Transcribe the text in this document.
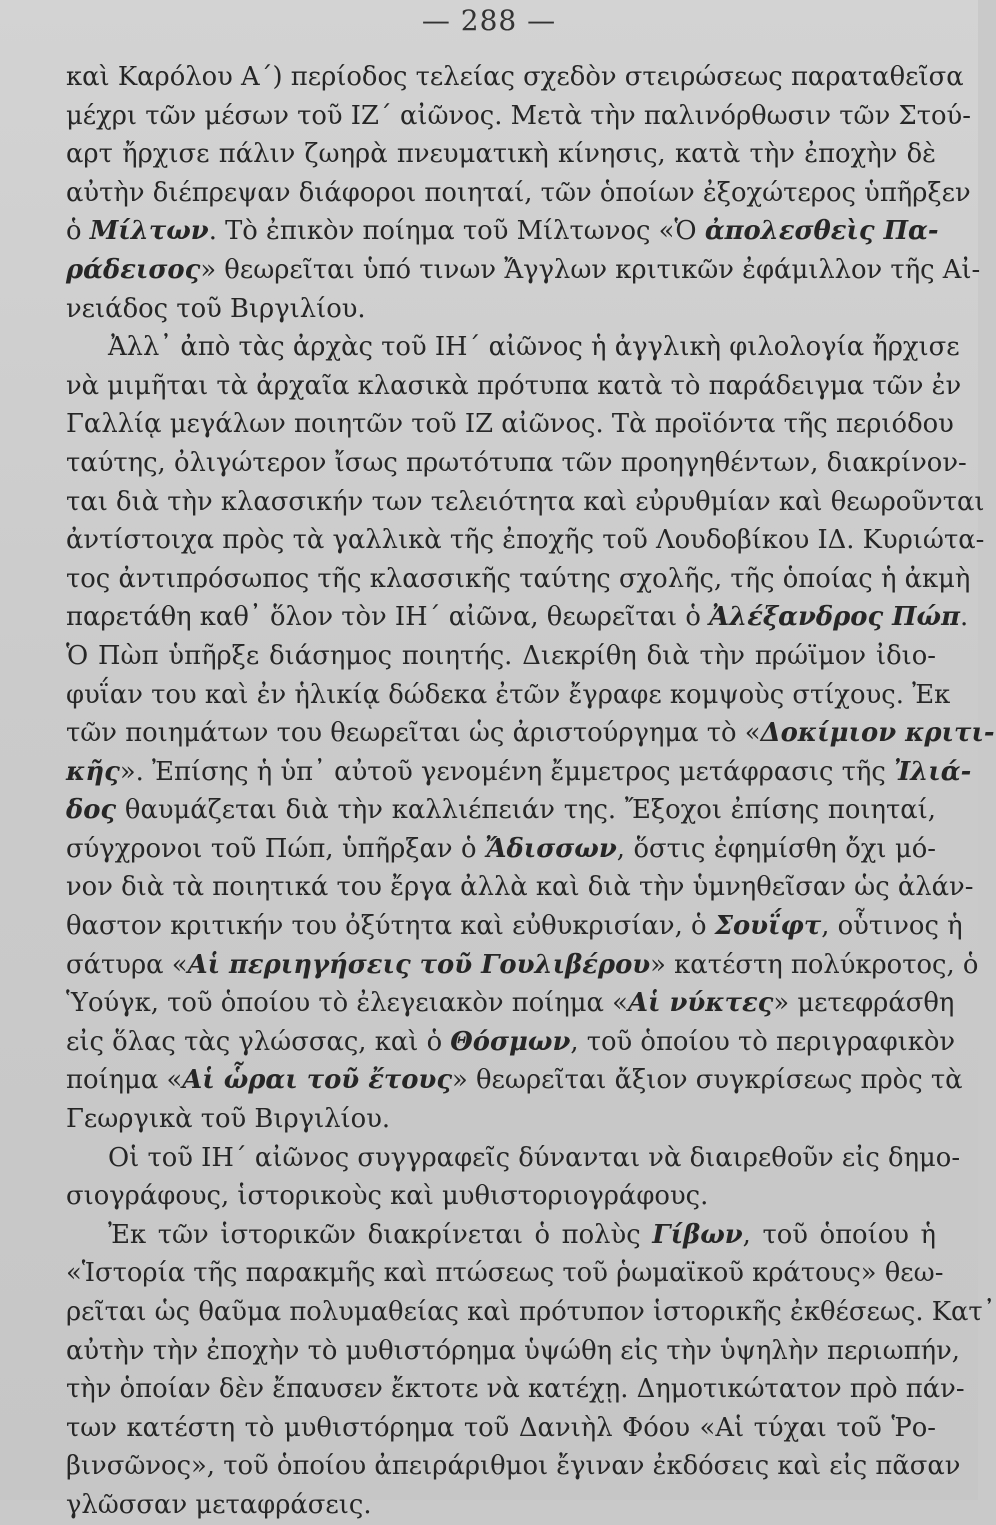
— 288 —
καὶ Καρόλου Α΄) περίοδος τελείας σχεδὸν στειρώσεως παραταθεῖσα
μέχρι τῶν μέσων τοῦ ΙΖ΄ αἰῶνος. Μετὰ τὴν παλινόρθωσιν τῶν Στού-
αρτ ἤρχισε πάλιν ζωηρὰ πνευματικὴ κίνησις, κατὰ τὴν ἐποχὴν δὲ
αὐτὴν διέπρεψαν διάφοροι ποιηταί, τῶν ὁποίων ἐξοχώτερος ὑπῆρξεν
ὁ Μίλτων. Τὸ ἐπικὸν ποίημα τοῦ Μίλτωνος «Ὁ ἀπολεσθεὶς Πα-
ράδεισος» θεωρεῖται ὑπό τινων Ἄγγλων κριτικῶν ἐφάμιλλον τῆς Αἰ-
νειάδος τοῦ Βιργιλίου.
Ἀλλ᾽ ἀπὸ τὰς ἀρχὰς τοῦ ΙΗ΄ αἰῶνος ἡ ἀγγλικὴ φιλολογία ἤρχισε
νὰ μιμῆται τὰ ἀρχαῖα κλασικὰ πρότυπα κατὰ τὸ παράδειγμα τῶν ἐν
Γαλλίᾳ μεγάλων ποιητῶν τοῦ ΙΖ αἰῶνος. Τὰ προϊόντα τῆς περιόδου
ταύτης, ὀλιγώτερον ἴσως πρωτότυπα τῶν προηγηθέντων, διακρίνον-
ται διὰ τὴν κλασσικήν των τελειότητα καὶ εὐρυθμίαν καὶ θεωροῦνται
ἀντίστοιχα πρὸς τὰ γαλλικὰ τῆς ἐποχῆς τοῦ Λουδοβίκου ΙΔ. Κυριώτα-
τος ἀντιπρόσωπος τῆς κλασσικῆς ταύτης σχολῆς, τῆς ὁποίας ἡ ἀκμὴ
παρετάθη καθ᾽ ὅλον τὸν ΙΗ΄ αἰῶνα, θεωρεῖται ὁ Ἀλέξανδρος Πώπ.
Ὁ Πὼπ ὑπῆρξε διάσημος ποιητής. Διεκρίθη διὰ τὴν πρώϊμον ἰδιο-
φυΐαν του καὶ ἐν ἡλικίᾳ δώδεκα ἐτῶν ἔγραφε κομψοὺς στίχους. Ἐκ
τῶν ποιημάτων του θεωρεῖται ὡς ἀριστούργημα τὸ «Δοκίμιον κριτι-
κῆς». Ἐπίσης ἡ ὑπ᾽ αὐτοῦ γενομένη ἔμμετρος μετάφρασις τῆς Ἰλιά-
δος θαυμάζεται διὰ τὴν καλλιέπειάν της. Ἔξοχοι ἐπίσης ποιηταί,
σύγχρονοι τοῦ Πώπ, ὑπῆρξαν ὁ Ἄδισσων, ὅστις ἐφημίσθη ὄχι μό-
νον διὰ τὰ ποιητικά του ἔργα ἀλλὰ καὶ διὰ τὴν ὑμνηθεῖσαν ὡς ἀλάν-
θαστον κριτικήν του ὀξύτητα καὶ εὐθυκρισίαν, ὁ Σουΐφτ, οὗτινος ἡ
σάτυρα «Αἱ περιηγήσεις τοῦ Γουλιβέρου» κατέστη πολύκροτος, ὁ
Ὑούγκ, τοῦ ὁποίου τὸ ἐλεγειακὸν ποίημα «Αἱ νύκτες» μετεφράσθη
εἰς ὅλας τὰς γλώσσας, καὶ ὁ Θόσμων, τοῦ ὁποίου τὸ περιγραφικὸν
ποίημα «Αἱ ὧραι τοῦ ἔτους» θεωρεῖται ἄξιον συγκρίσεως πρὸς τὰ
Γεωργικὰ τοῦ Βιργιλίου.
Οἱ τοῦ ΙΗ΄ αἰῶνος συγγραφεῖς δύνανται νὰ διαιρεθοῦν εἰς δημο-
σιογράφους, ἱστορικοὺς καὶ μυθιστοριογράφους.
Ἐκ τῶν ἱστορικῶν διακρίνεται ὁ πολὺς Γίβων, τοῦ ὁποίου ἡ
«Ἱστορία τῆς παρακμῆς καὶ πτώσεως τοῦ ῥωμαϊκοῦ κράτους» θεω-
ρεῖται ὡς θαῦμα πολυμαθείας καὶ πρότυπον ἱστορικῆς ἐκθέσεως. Κατ᾽
αὐτὴν τὴν ἐποχὴν τὸ μυθιστόρημα ὑψώθη εἰς τὴν ὑψηλὴν περιωπήν,
τὴν ὁποίαν δὲν ἔπαυσεν ἔκτοτε νὰ κατέχῃ. Δημοτικώτατον πρὸ πάν-
των κατέστη τὸ μυθιστόρημα τοῦ Δανιὴλ Φόου «Αἱ τύχαι τοῦ Ῥο-
βινσῶνος», τοῦ ὁποίου ἀπειράριθμοι ἔγιναν ἐκδόσεις καὶ εἰς πᾶσαν
γλῶσσαν μεταφράσεις.
